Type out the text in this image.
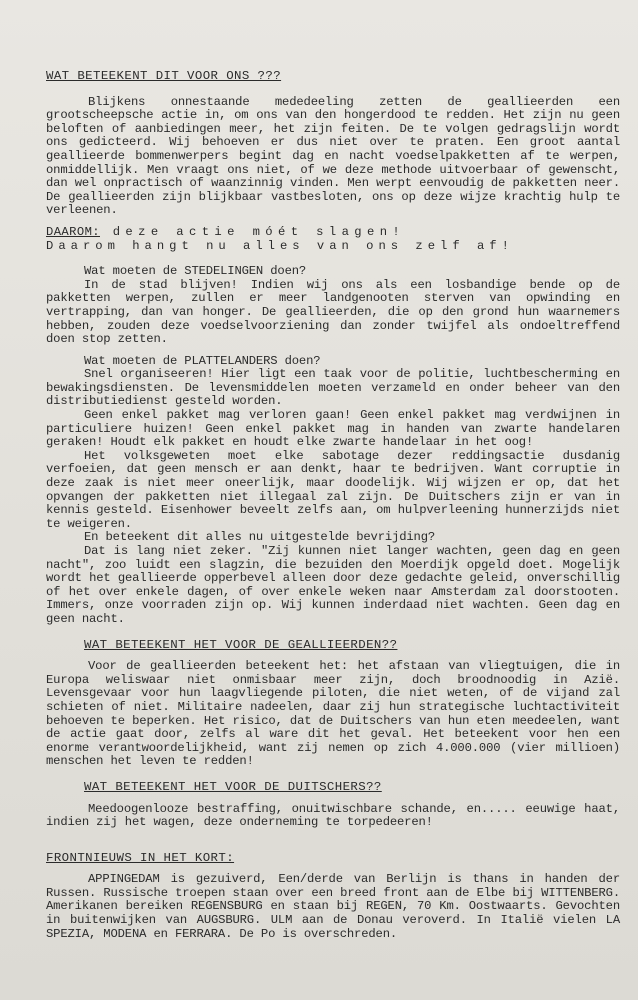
WAT BETEEKENT DIT VOOR ONS ???

Blijkens onnestaande mededeeling zetten de geallieerden een grootscheepsche actie in, om ons van den hongerdood te redden. Het zijn nu geen beloften of aanbiedingen meer, het zijn feiten. De te volgen gedragslijn wordt ons gedicteerd. Wij behoeven er dus niet over te praten. Een groot aantal geallieerde bommenwerpers begint dag en nacht voedselpakketten af te werpen, onmiddellijk. Men vraagt ons niet, of we deze methode uitvoerbaar of gewenscht, dan wel onpractisch of waanzinnig vinden. Men werpt eenvoudig de pakketten neer. De geallieerden zijn blijkbaar vastbesloten, ons op deze wijze krachtig hulp te verleenen.

DAAROM: deze actie móét slagen!

Daarom hangt nu alles van ons zelf af!

Wat moeten de STEDELINGEN doen?

In de stad blijven! Indien wij ons als een losbandige bende op de pakketten werpen, zullen er meer landgenooten sterven van opwinding en vertrapping, dan van honger. De geallieerden, die op den grond hun waarnemers hebben, zouden deze voedselvoorziening dan zonder twijfel als ondoeltreffend doen stop zetten.

Wat moeten de PLATTELANDERS doen?

Snel organiseeren! Hier ligt een taak voor de politie, luchtbescherming en bewakingsdiensten. De levensmiddelen moeten verzameld en onder beheer van den distributiedienst gesteld worden.

Geen enkel pakket mag verloren gaan! Geen enkel pakket mag verdwijnen in particuliere huizen! Geen enkel pakket mag in handen van zwarte handelaren geraken! Houdt elk pakket en houdt elke zwarte handelaar in het oog!

Het volksgeweten moet elke sabotage dezer reddingsactie dusdanig verfoeien, dat geen mensch er aan denkt, haar te bedrijven. Want corruptie in deze zaak is niet meer oneerlijk, maar doodelijk. Wij wijzen er op, dat het opvangen der pakketten niet illegaal zal zijn. De Duitschers zijn er van in kennis gesteld. Eisenhower beveelt zelfs aan, om hulpverleening hunnerzijds niet te weigeren.

En beteekent dit alles nu uitgestelde bevrijding?

Dat is lang niet zeker. "Zij kunnen niet langer wachten, geen dag en geen nacht", zoo luidt een slagzin, die bezuiden den Moerdijk opgeld doet. Mogelijk wordt het geallieerde opperbevel alleen door deze gedachte geleid, onverschillig of het over enkele dagen, of over enkele weken naar Amsterdam zal doorstooten. Immers, onze voorraden zijn op. Wij kunnen inderdaad niet wachten. Geen dag en geen nacht.

WAT BETEEKENT HET VOOR DE GEALLIEERDEN??

Voor de geallieerden beteekent het: het afstaan van vliegtuigen, die in Europa weliswaar niet onmisbaar meer zijn, doch broodnoodig in Azië. Levensgevaar voor hun laagvliegende piloten, die niet weten, of de vijand zal schieten of niet. Militaire nadeelen, daar zij hun strategische luchtactiviteit behoeven te beperken. Het risico, dat de Duitschers van hun eten meedeelen, want de actie gaat door, zelfs al ware dit het geval. Het beteekent voor hen een enorme verantwoordelijkheid, want zij nemen op zich 4.000.000 (vier millioen) menschen het leven te redden!

WAT BETEEKENT HET VOOR DE DUITSCHERS??

Meedoogenlooze bestraffing, onuitwischbare schande, en..... eeuwige haat, indien zij het wagen, deze onderneming te torpedeeren!

FRONTNIEUWS IN HET KORT:

APPINGEDAM is gezuiverd, Een/derde van Berlijn is thans in handen der Russen. Russische troepen staan over een breed front aan de Elbe bij WITTENBERG. Amerikanen bereiken REGENSBURG en staan bij REGEN, 70 Km. Oostwaarts. Gevochten in buitenwijken van AUGSBURG. ULM aan de Donau veroverd. In Italië vielen LA SPEZIA, MODENA en FERRARA. De Po is overschreden.
